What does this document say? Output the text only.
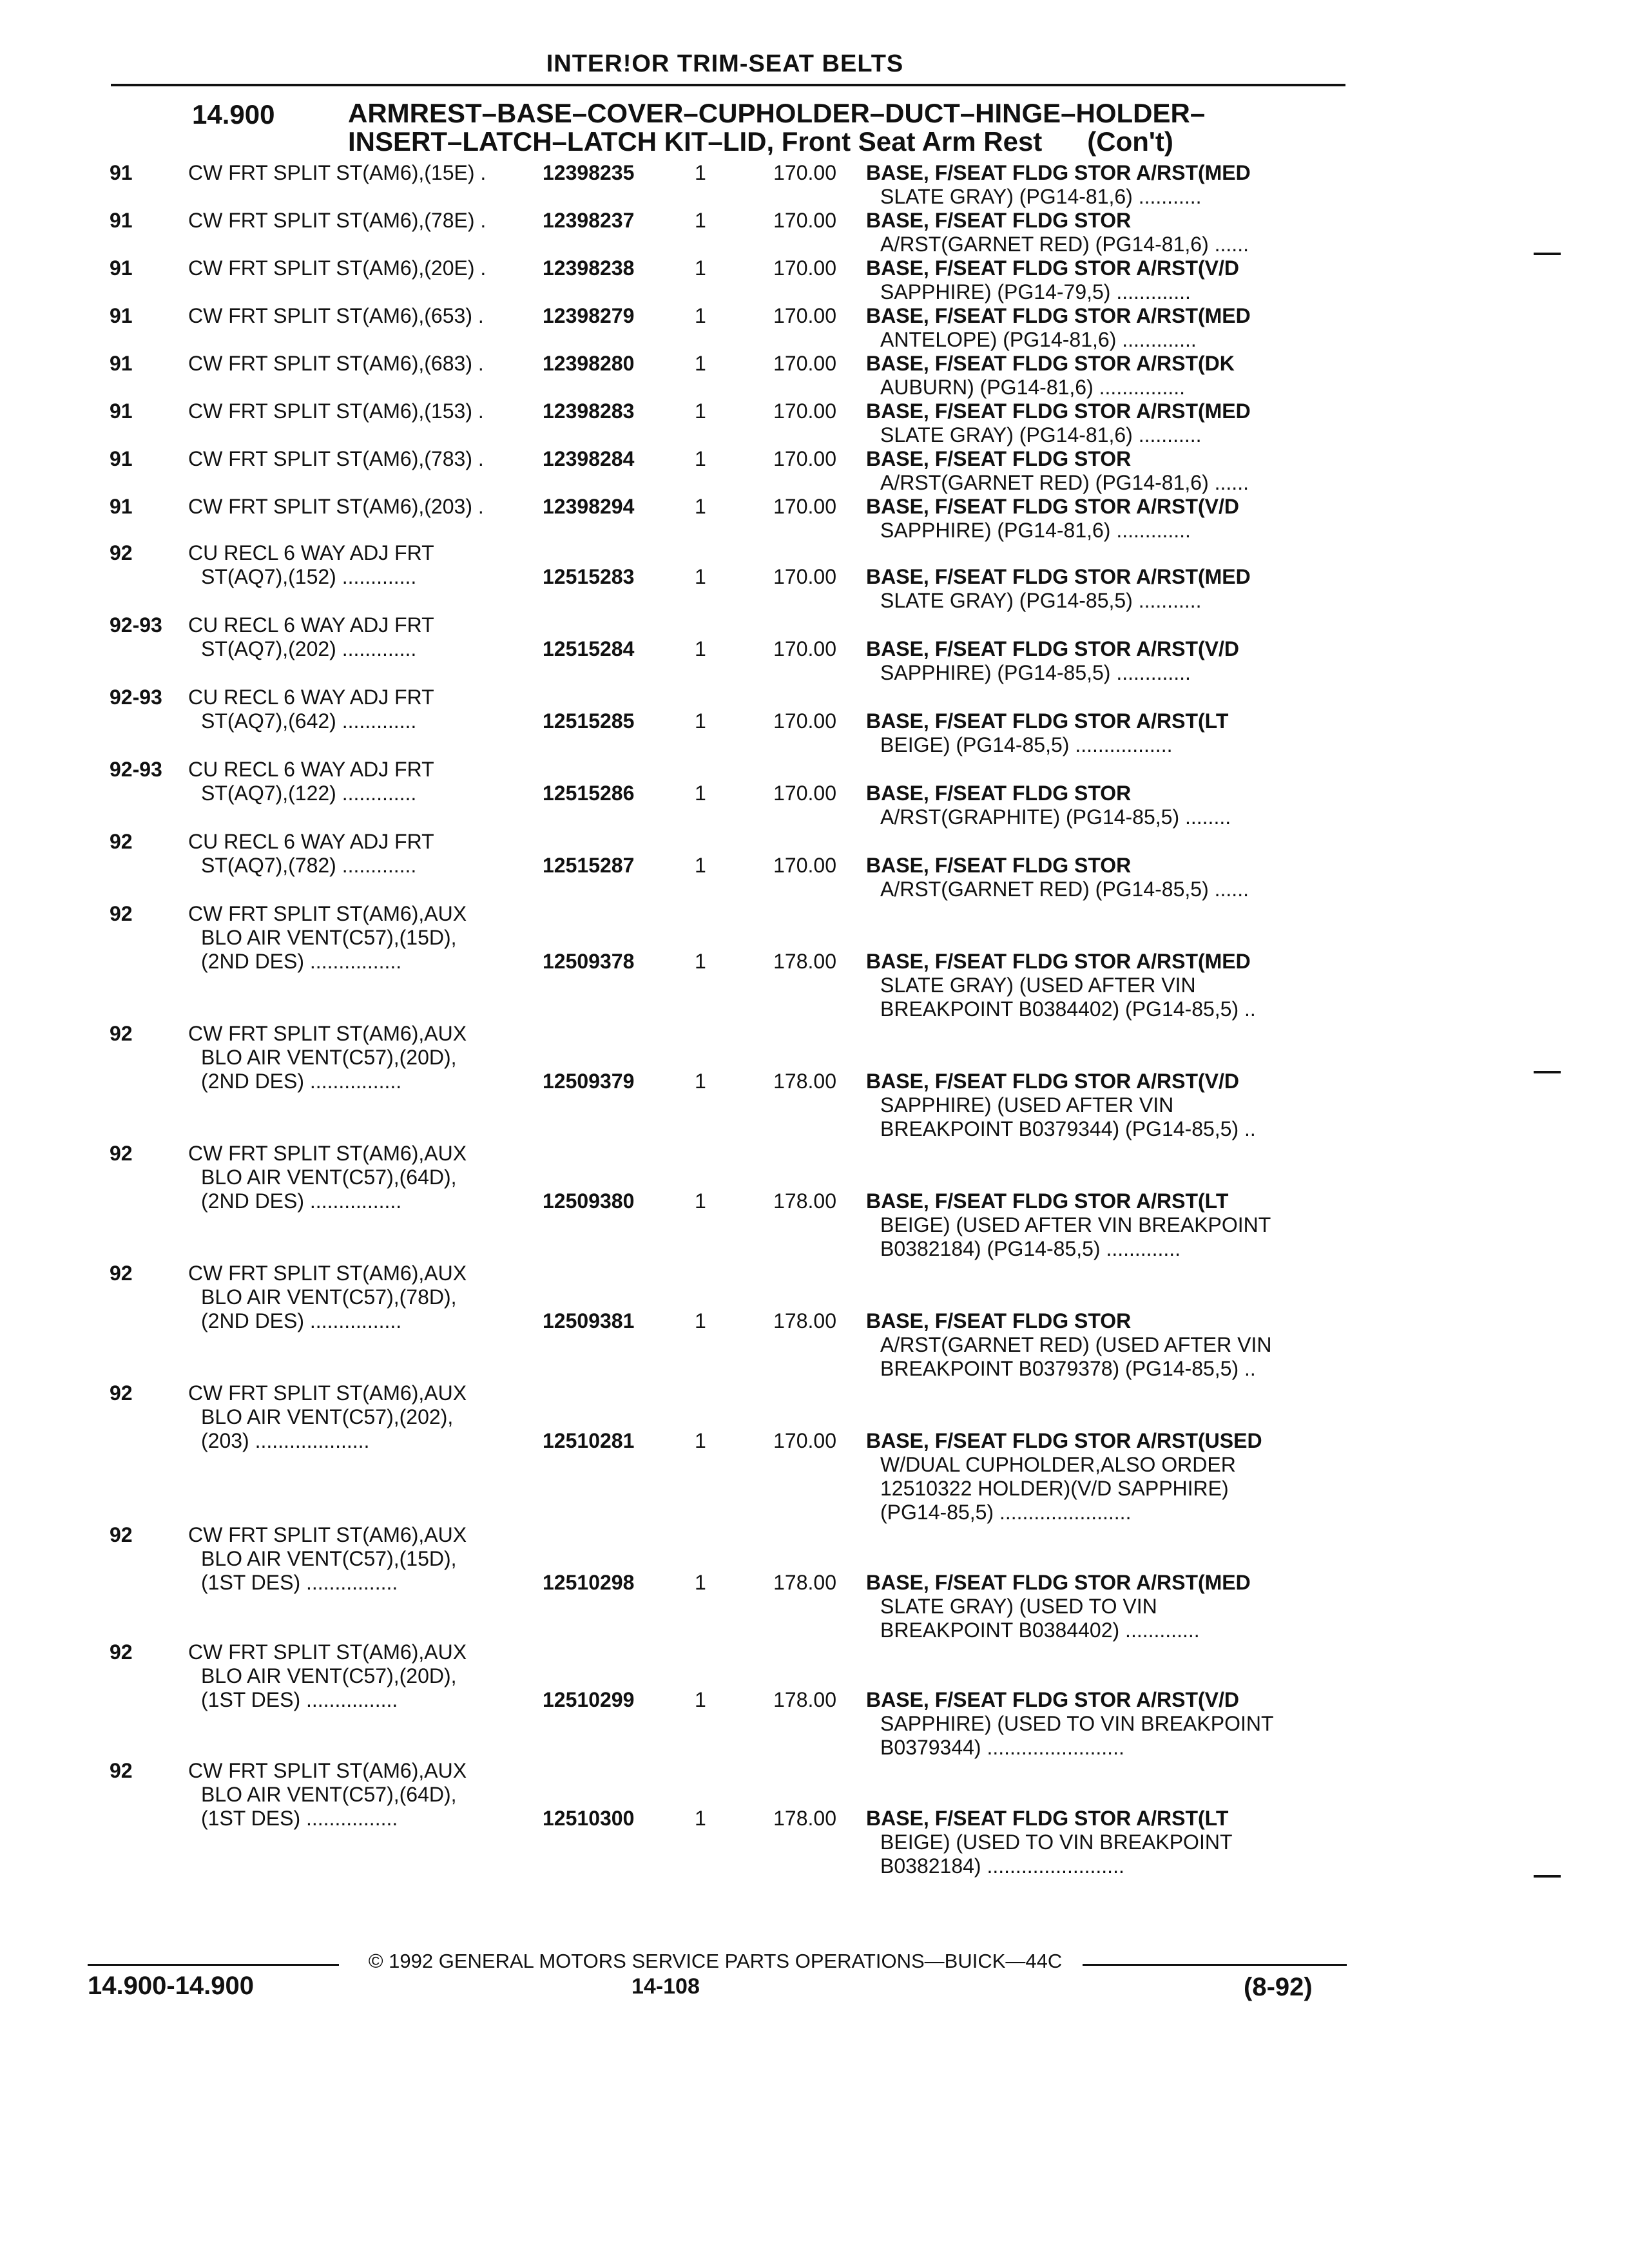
INTER!OR TRIM-SEAT BELTS
14.900	ARMREST–BASE–COVER–CUPHOLDER–DUCT–HINGE–HOLDER–
INSERT–LATCH–LATCH KIT–LID, Front Seat Arm Rest (Con't)
91	CW FRT SPLIT ST(AM6),(15E) .	12398235	1	170.00 BASE, F/SEAT FLDG STOR A/RST(MED
SLATE GRAY) (PG14-81,6) ...........
91	CW FRT SPLIT ST(AM6),(78E) .	12398237	1	170.00 BASE, F/SEAT FLDG STOR
A/RST(GARNET RED) (PG14-81,6) ......
91	CW FRT SPLIT ST(AM6),(20E) .	12398238	1	170.00 BASE, F/SEAT FLDG STOR A/RST(V/D
SAPPHIRE) (PG14-79,5) .............
91	CW FRT SPLIT ST(AM6),(653) .	12398279	1	170.00 BASE, F/SEAT FLDG STOR A/RST(MED
ANTELOPE) (PG14-81,6) .............
91	CW FRT SPLIT ST(AM6),(683) .	12398280	1	170.00 BASE, F/SEAT FLDG STOR A/RST(DK
AUBURN) (PG14-81,6) ...............
91	CW FRT SPLIT ST(AM6),(153) .	12398283	1	170.00 BASE, F/SEAT FLDG STOR A/RST(MED
SLATE GRAY) (PG14-81,6) ...........
91	CW FRT SPLIT ST(AM6),(783) .	12398284	1	170.00 BASE, F/SEAT FLDG STOR
A/RST(GARNET RED) (PG14-81,6) ......
91	CW FRT SPLIT ST(AM6),(203) .	12398294	1	170.00 BASE, F/SEAT FLDG STOR A/RST(V/D
SAPPHIRE) (PG14-81,6) .............
92	CU RECL 6 WAY ADJ FRT
ST(AQ7),(152) .............	12515283	1	170.00 BASE, F/SEAT FLDG STOR A/RST(MED
SLATE GRAY) (PG14-85,5) ...........
92-93 CU RECL 6 WAY ADJ FRT
ST(AQ7),(202) .............	12515284	1	170.00 BASE, F/SEAT FLDG STOR A/RST(V/D
SAPPHIRE) (PG14-85,5) .............
92-93 CU RECL 6 WAY ADJ FRT
ST(AQ7),(642) .............	12515285	1	170.00 BASE, F/SEAT FLDG STOR A/RST(LT
BEIGE) (PG14-85,5) .................
92-93 CU RECL 6 WAY ADJ FRT
ST(AQ7),(122) .............	12515286	1	170.00 BASE, F/SEAT FLDG STOR
A/RST(GRAPHITE) (PG14-85,5) ........
92	CU RECL 6 WAY ADJ FRT
ST(AQ7),(782) .............	12515287	1	170.00 BASE, F/SEAT FLDG STOR
A/RST(GARNET RED) (PG14-85,5) ......
92	CW FRT SPLIT ST(AM6),AUX
BLO AIR VENT(C57),(15D),
(2ND DES) ................	12509378	1	178.00 BASE, F/SEAT FLDG STOR A/RST(MED
SLATE GRAY) (USED AFTER VIN
BREAKPOINT B0384402) (PG14-85,5) ..
92	CW FRT SPLIT ST(AM6),AUX
BLO AIR VENT(C57),(20D),
(2ND DES) ................	12509379	1	178.00 BASE, F/SEAT FLDG STOR A/RST(V/D
SAPPHIRE) (USED AFTER VIN
BREAKPOINT B0379344) (PG14-85,5) ..
92	CW FRT SPLIT ST(AM6),AUX
BLO AIR VENT(C57),(64D),
(2ND DES) ................	12509380	1	178.00 BASE, F/SEAT FLDG STOR A/RST(LT
BEIGE) (USED AFTER VIN BREAKPOINT
B0382184) (PG14-85,5) .............
92	CW FRT SPLIT ST(AM6),AUX
BLO AIR VENT(C57),(78D),
(2ND DES) ................	12509381	1	178.00 BASE, F/SEAT FLDG STOR
A/RST(GARNET RED) (USED AFTER VIN
BREAKPOINT B0379378) (PG14-85,5) ..
92	CW FRT SPLIT ST(AM6),AUX
BLO AIR VENT(C57),(202),
(203) ....................	12510281	1	170.00 BASE, F/SEAT FLDG STOR A/RST(USED
W/DUAL CUPHOLDER,ALSO ORDER
12510322 HOLDER)(V/D SAPPHIRE)
(PG14-85,5) .......................
92	CW FRT SPLIT ST(AM6),AUX
BLO AIR VENT(C57),(15D),
(1ST DES) ................	12510298	1	178.00 BASE, F/SEAT FLDG STOR A/RST(MED
SLATE GRAY) (USED TO VIN
BREAKPOINT B0384402) .............
92	CW FRT SPLIT ST(AM6),AUX
BLO AIR VENT(C57),(20D),
(1ST DES) ................	12510299	1	178.00 BASE, F/SEAT FLDG STOR A/RST(V/D
SAPPHIRE) (USED TO VIN BREAKPOINT
B0379344) ........................
92	CW FRT SPLIT ST(AM6),AUX
BLO AIR VENT(C57),(64D),
(1ST DES) ................	12510300	1	178.00 BASE, F/SEAT FLDG STOR A/RST(LT
BEIGE) (USED TO VIN BREAKPOINT
B0382184) ........................
© 1992 GENERAL MOTORS SERVICE PARTS OPERATIONS—BUICK—44C
14.900-14.900	14-108	(8-92)
